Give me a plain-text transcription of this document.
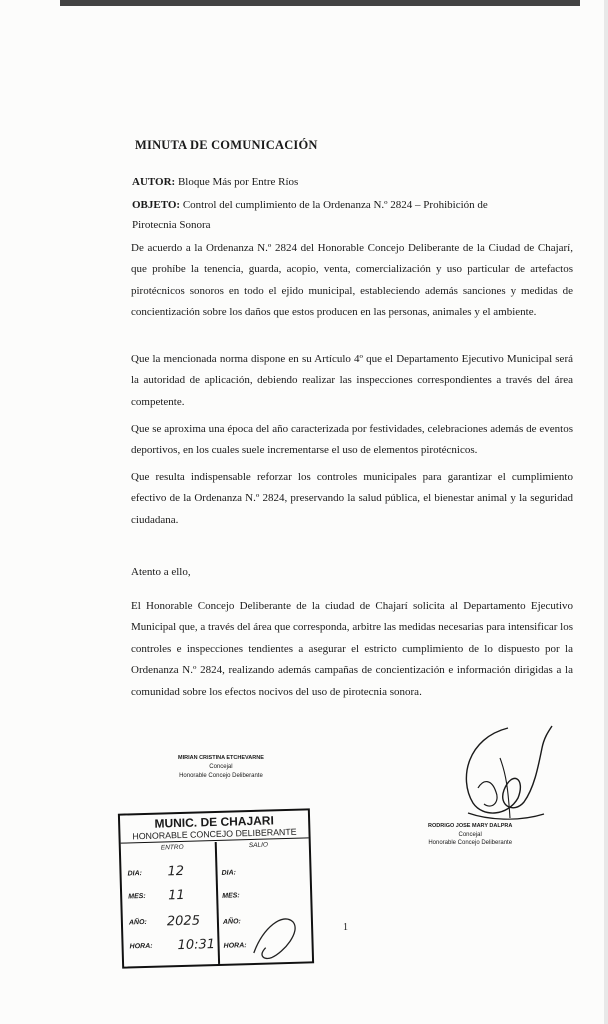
MINUTA DE COMUNICACIÓN
AUTOR: Bloque Más por Entre Ríos
OBJETO: Control del cumplimiento de la Ordenanza N.º 2824 – Prohibición de
Pirotecnia Sonora
De acuerdo a la Ordenanza N.º 2824 del Honorable Concejo Deliberante de la Ciudad de Chajarí, que prohíbe la tenencia, guarda, acopio, venta, comercialización y uso particular de artefactos pirotécnicos sonoros en todo el ejido municipal, estableciendo además sanciones y medidas de concientización sobre los daños que estos producen en las personas, animales y el ambiente.
Que la mencionada norma dispone en su Artículo 4º que el Departamento Ejecutivo Municipal será la autoridad de aplicación, debiendo realizar las inspecciones correspondientes a través del área competente.
Que se aproxima una época del año caracterizada por festividades, celebraciones además de eventos deportivos, en los cuales suele incrementarse el uso de elementos pirotécnicos.
Que resulta indispensable reforzar los controles municipales para garantizar el cumplimiento efectivo de la Ordenanza N.º 2824, preservando la salud pública, el bienestar animal y la seguridad ciudadana.
Atento a ello,
El Honorable Concejo Deliberante de la ciudad de Chajarí solicita al Departamento Ejecutivo Municipal que, a través del área que corresponda, arbitre las medidas necesarias para intensificar los controles e inspecciones tendientes a asegurar el estricto cumplimiento de lo dispuesto por la Ordenanza N.º 2824, realizando además campañas de concientización e información dirigidas a la comunidad sobre los efectos nocivos del uso de pirotecnia sonora.
MIRIAN CRISTINA ETCHEVARNE
Concejal
Honorable Concejo Deliberante
RODRIGO JOSE MARY DALPRA
Concejal
Honorable Concejo Deliberante
MUNIC. DE CHAJARI
HONORABLE CONCEJO DELIBERANTE
ENTRO	SALIO
DIA:
MES:
AÑO:
HORA:
DIA:
MES:
AÑO:
HORA:
12
11
2025
10:31
1
